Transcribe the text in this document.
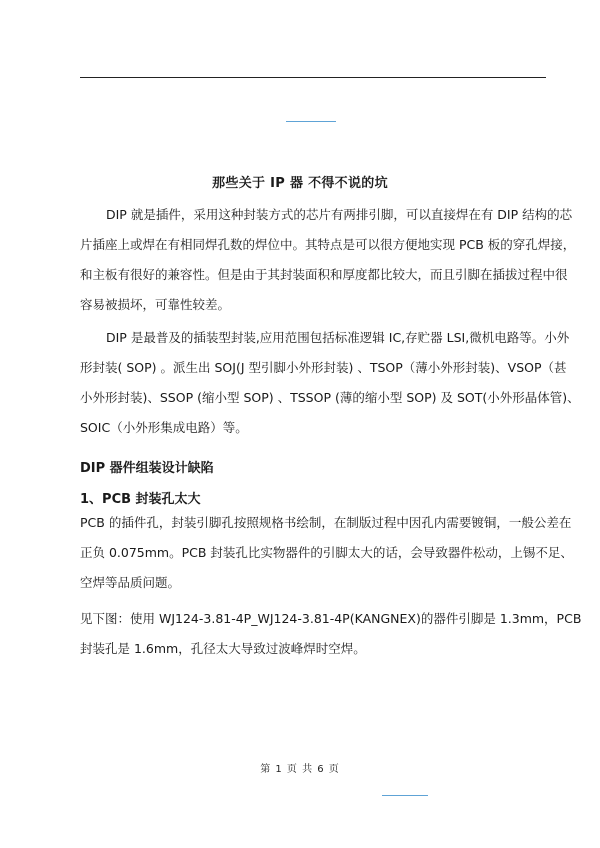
那些关于 IP 器 不得不说的坑
DIP 就是插件，采用这种封装方式的芯片有两排引脚，可以直接焊在有 DIP 结构的芯
片插座上或焊在有相同焊孔数的焊位中。其特点是可以很方便地实现 PCB 板的穿孔焊接，
和主板有很好的兼容性。但是由于其封装面积和厚度都比较大，而且引脚在插拔过程中很
容易被损坏，可靠性较差。
DIP 是最普及的插装型封装,应用范围包括标准逻辑 IC,存贮器 LSI,微机电路等。小外
形封装( SOP) 。派生出 SOJ(J 型引脚小外形封装) 、TSOP（薄小外形封装)、VSOP（甚
小外形封装)、SSOP (缩小型 SOP) 、TSSOP (薄的缩小型 SOP) 及 SOT(小外形晶体管)、
SOIC（小外形集成电路）等。
DIP 器件组装设计缺陷
1、PCB 封装孔太大
PCB 的插件孔，封装引脚孔按照规格书绘制，在制版过程中因孔内需要镀铜，一般公差在
正负 0.075mm。PCB 封装孔比实物器件的引脚太大的话，会导致器件松动，上锡不足、
空焊等品质问题。
见下图：使用 WJ124-3.81-4P_WJ124-3.81-4P(KANGNEX)的器件引脚是 1.3mm，PCB
封装孔是 1.6mm，孔径太大导致过波峰焊时空焊。
第 1 页 共 6 页
